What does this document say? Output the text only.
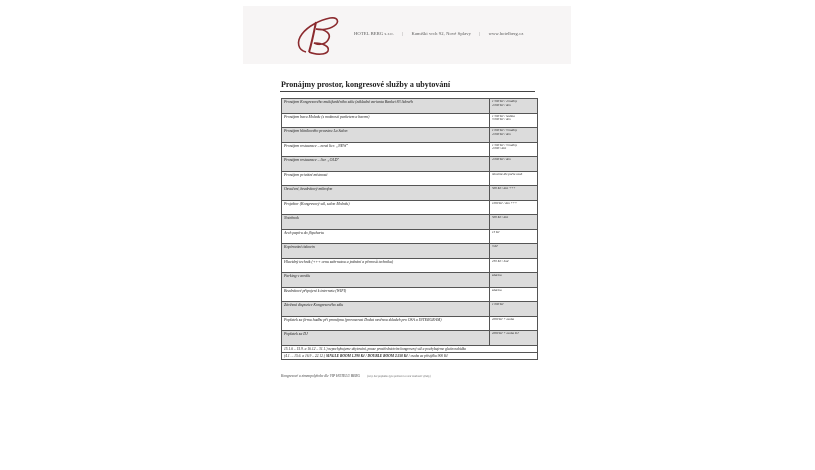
HOTEL BERG s.r.o. | Kamiški vrch 92, Nové Splavy | www.hotelberg.cz
Pronájmy prostor, kongresové služby a ubytování
Pronájem Kongresového multifunkčního sálu (základní varianta Bankei 83 lidovéh	1 500 Kč / 4 hodiny
4 000 Kč / den

Pronájem baru Moledu (s možností parketem a barem)	1 500 Kč / hodina
3 000 Kč / den

Pronájem hliníkového pravstru La Salon	1 000 Kč / 3 hodiny
4 000 Kč / den

Pronájem restaurace – nová licr. „NEW"	1 500 Kč / 3 hodiny
4 000 / den

Pronájem restaurace – licr. „OLD"	4 000 Kč / den

Pronájem privátní místnosti	mluvíme dle počtu osob

Ozvučení, bezdrátový mikrofon	500 Kč / den +++

Projektor (Kongresový sál, salon Moledu)	1000 Kč / den +++

Notebook	500 Kč / den

Arch papíru do flipchartu	15 Kč

Kopírování tiskovin	3 Kč

Hlavidný technik (+++ cenu zahrnutou u jednání a přenosů techniku)	250 Kč / hod

Parking v areálu	zdarma

Bezdrátové připojení k internetu (WIFI)	zdarma

Závěsná dispozice Kongresového sálu	1 000 Kč

Poplatek za firmu hudbu při pronájmu (provozovat Dodat ozvěnou skladeb pro OSA a INTERGRAM)	2000 Kč + osoba

Poplatek za DJ	2000 Kč + osoba DJ

15.1.6 – 15.9. a 16.12 – 31.1.) nepochybujeme ubytování, pouze prostřednictvím kongresový sál a pochybujeme glutin nabídka	
(4.1. – 15.6. a 16.9 – 22.12.) SINGLE ROOM 1.290 Kč / DOUBLE ROOM 2.550 Kč / osoba za přistýlku 900 Kč	
Kongresové a zimnopolybobe dle VIP HOTELU BERG (ceny bez poplatku typu poštovní a není možnosti výluky)
